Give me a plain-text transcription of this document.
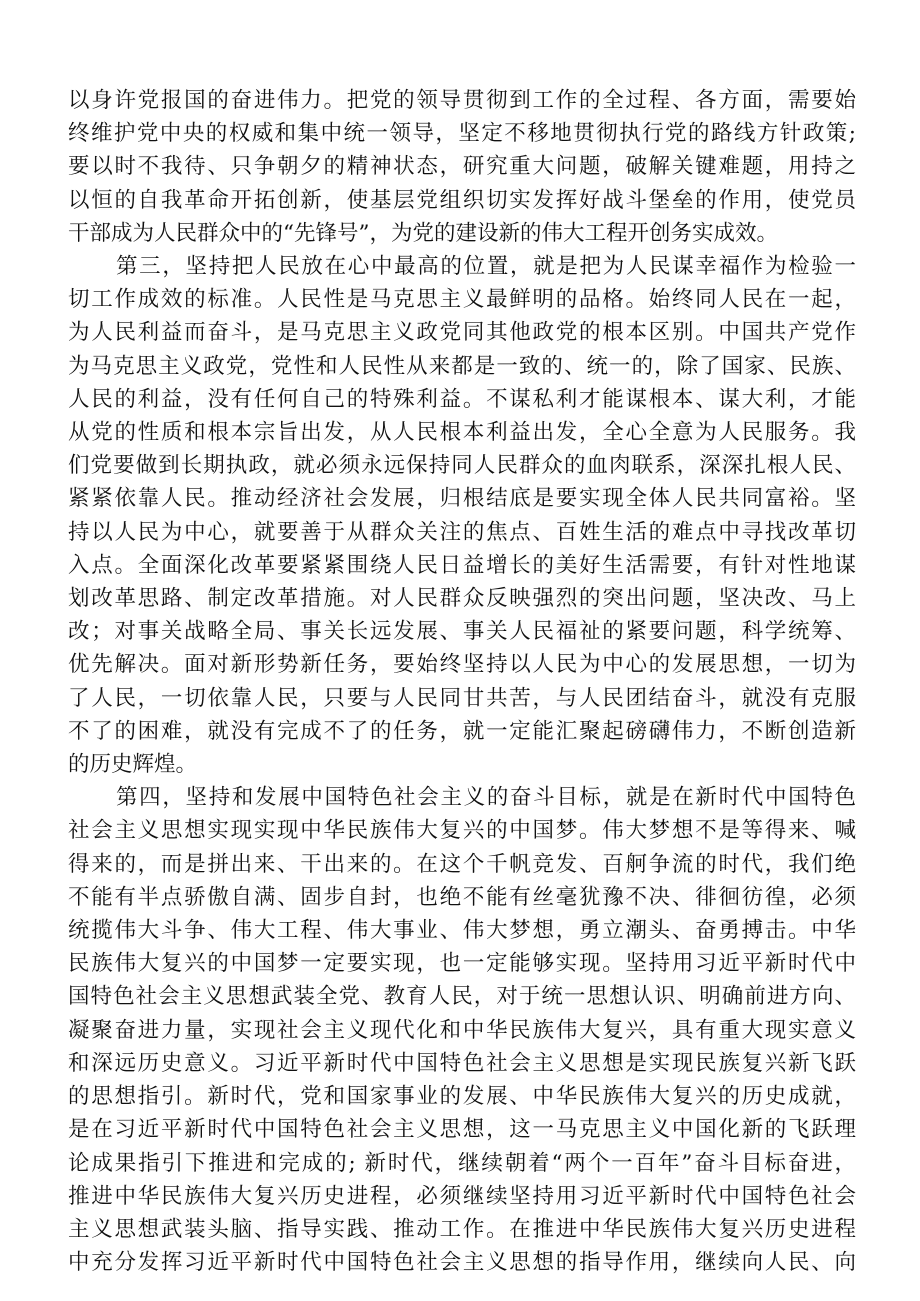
以身许党报国的奋进伟力。把党的领导贯彻到工作的全过程、各方面，需要始
终维护党中央的权威和集中统一领导，坚定不移地贯彻执行党的路线方针政策;
要以时不我待、只争朝夕的精神状态，研究重大问题，破解关键难题，用持之
以恒的自我革命开拓创新，使基层党组织切实发挥好战斗堡垒的作用，使党员
干部成为人民群众中的“先锋号”，为党的建设新的伟大工程开创务实成效。

第三，坚持把人民放在心中最高的位置，就是把为人民谋幸福作为检验一
切工作成效的标准。人民性是马克思主义最鲜明的品格。始终同人民在一起，
为人民利益而奋斗，是马克思主义政党同其他政党的根本区别。中国共产党作
为马克思主义政党，党性和人民性从来都是一致的、统一的，除了国家、民族、
人民的利益，没有任何自己的特殊利益。不谋私利才能谋根本、谋大利，才能
从党的性质和根本宗旨出发，从人民根本利益出发，全心全意为人民服务。我
们党要做到长期执政，就必须永远保持同人民群众的血肉联系，深深扎根人民、
紧紧依靠人民。推动经济社会发展，归根结底是要实现全体人民共同富裕。坚
持以人民为中心，就要善于从群众关注的焦点、百姓生活的难点中寻找改革切
入点。全面深化改革要紧紧围绕人民日益增长的美好生活需要，有针对性地谋
划改革思路、制定改革措施。对人民群众反映强烈的突出问题，坚决改、马上
改；对事关战略全局、事关长远发展、事关人民福祉的紧要问题，科学统筹、
优先解决。面对新形势新任务，要始终坚持以人民为中心的发展思想，一切为
了人民，一切依靠人民，只要与人民同甘共苦，与人民团结奋斗，就没有克服
不了的困难，就没有完成不了的任务，就一定能汇聚起磅礴伟力，不断创造新
的历史辉煌。

第四，坚持和发展中国特色社会主义的奋斗目标，就是在新时代中国特色
社会主义思想实现实现中华民族伟大复兴的中国梦。伟大梦想不是等得来、喊
得来的，而是拼出来、干出来的。在这个千帆竞发、百舸争流的时代，我们绝
不能有半点骄傲自满、固步自封，也绝不能有丝毫犹豫不决、徘徊彷徨，必须
统揽伟大斗争、伟大工程、伟大事业、伟大梦想，勇立潮头、奋勇搏击。中华
民族伟大复兴的中国梦一定要实现，也一定能够实现。坚持用习近平新时代中
国特色社会主义思想武装全党、教育人民，对于统一思想认识、明确前进方向、
凝聚奋进力量，实现社会主义现代化和中华民族伟大复兴，具有重大现实意义
和深远历史意义。习近平新时代中国特色社会主义思想是实现民族复兴新飞跃
的思想指引。新时代，党和国家事业的发展、中华民族伟大复兴的历史成就，
是在习近平新时代中国特色社会主义思想，这一马克思主义中国化新的飞跃理
论成果指引下推进和完成的; 新时代，继续朝着“两个一百年”奋斗目标奋进，
推进中华民族伟大复兴历史进程，必须继续坚持用习近平新时代中国特色社会
主义思想武装头脑、指导实践、推动工作。在推进中华民族伟大复兴历史进程
中充分发挥习近平新时代中国特色社会主义思想的指导作用，继续向人民、向
